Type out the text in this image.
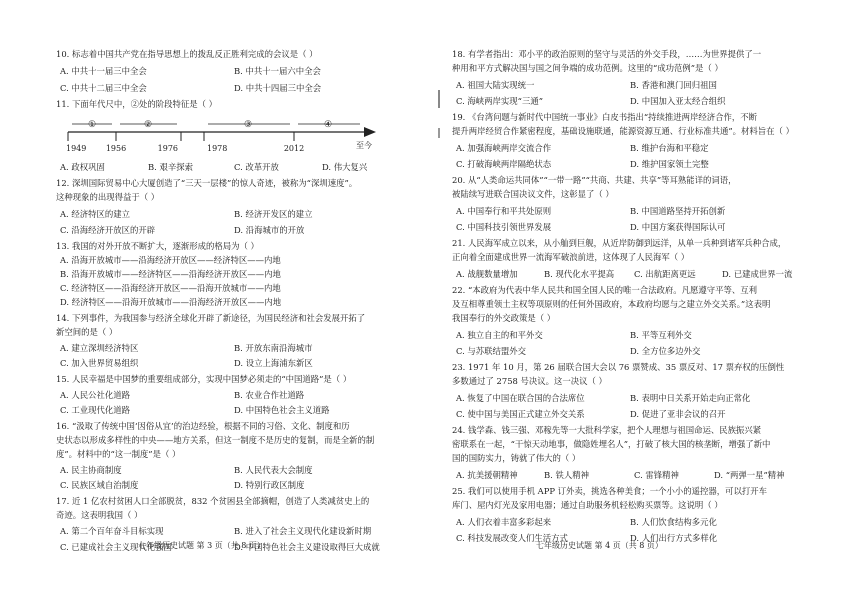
10. 标志着中国共产党在指导思想上的拨乱反正胜利完成的会议是（ ）
A. 中共十一届三中全会	B. 中共十一届六中全会
C. 中共十二届三中全会	D. 中共十四届三中全会
11. 下面年代尺中，②处的阶段特征是（ ）
①	②	③	④
1949 1956	1976	1978	2012	至今
A. 政权巩固	B. 艰辛探索	C. 改革开放	D. 伟大复兴
12. 深圳国际贸易中心大厦创造了“三天一层楼”的惊人奇迹，被称为“深圳速度”。
这种现象的出现得益于（ ）
A. 经济特区的建立	B. 经济开发区的建立
C. 沿海经济开放区的开辟	D. 沿海城市的开放
13. 我国的对外开放不断扩大，逐渐形成的格局为（ ）
A. 沿海开放城市——沿海经济开放区——经济特区——内地
B. 沿海开放城市——经济特区——沿海经济开放区——内地
C. 经济特区——沿海经济开放区——沿海开放城市——内地
D. 经济特区——沿海开放城市——沿海经济开放区——内地
14. 下列事件，为我国参与经济全球化开辟了新途径，为国民经济和社会发展开拓了
新空间的是（ ）
A. 建立深圳经济特区	B. 开放东南沿海城市
C. 加入世界贸易组织	D. 设立上海浦东新区
15. 人民幸福是中国梦的重要组成部分，实现中国梦必须走的“中国道路”是（ ）
A. 人民公社化道路	B. 农业合作社道路
C. 工业现代化道路	D. 中国特色社会主义道路
16. “汲取了传统中国‘因俗从宜’的治边经验，根据不同的习俗、文化、制度和历
史状态以形成多样性的中央——地方关系，但这一制度不是历史的复制，而是全新的制
度”。材料中的“这一制度”是（ ）
A. 民主协商制度	B. 人民代表大会制度
C. 民族区域自治制度	D. 特别行政区制度
17. 近 1 亿农村贫困人口全部脱贫，832 个贫困县全部摘帽，创造了人类减贫史上的
奇迹。这表明我国（ ）
A. 第二个百年奋斗目标实现	B. 进入了社会主义现代化建设新时期
C. 已建成社会主义现代化强国	D. 中国特色社会主义建设取得巨大成就
七年级历史试题 第 3 页（共 8 页）
18. 有学者指出：邓小平的政治原则的坚守与灵活的外交手段，……为世界提供了一
种用和平方式解决国与国之间争端的成功范例。这里的“成功范例”是（ ）
A. 祖国大陆实现统一	B. 香港和澳门回归祖国
C. 海峡两岸实现“三通”	D. 中国加入亚太经合组织
19. 《台湾问题与新时代中国统一事业》白皮书指出“持续推进两岸经济合作，不断
提升两岸经贸合作紧密程度，基础设施联通，能源资源互通、行业标准共通”。材料旨在（ ）
A. 加强海峡两岸交流合作	B. 维护台海和平稳定
C. 打破海峡两岸隔绝状态	D. 维护国家领土完整
20. 从“人类命运共同体”“一带一路”“共商、共建、共享”等耳熟能详的词语，
被陆续写进联合国决议文件，这彰显了（ ）
A. 中国奉行和平共处原则	B. 中国道路坚持开拓创新
C. 中国科技引领世界发展	D. 中国方案获得国际认可
21. 人民海军成立以来，从小舢到巨舰，从近岸防御到远洋，从单一兵种到诸军兵种合成，
正向着全面建成世界一流海军破浪前进，这体现了人民海军（ ）
A. 战舰数量增加	B. 现代化水平提高 C. 出航距离更远	D. 已建成世界一流
22. “本政府为代表中华人民共和国全国人民的唯一合法政府。凡愿遵守平等、互利
及互相尊重领土主权等项原则的任何外国政府，本政府均愿与之建立外交关系。”这表明
我国奉行的外交政策是（ ）
A. 独立自主的和平外交	B. 平等互利外交
C. 与苏联结盟外交	D. 全方位多边外交
23. 1971 年 10 月，第 26 届联合国大会以 76 票赞成、35 票反对、17 票弃权的压倒性
多数通过了 2758 号决议。这一决议（ ）
A. 恢复了中国在联合国的合法席位	B. 表明中日关系开始走向正常化
C. 使中国与美国正式建立外交关系	D. 促进了亚非会议的召开
24. 钱学森、钱三强、邓稼先等一大批科学家，把个人理想与祖国命运、民族振兴紧
密联系在一起，“干惊天动地事，做隐姓埋名人”，打破了核大国的核垄断，增强了新中
国的国防实力，铸就了伟大的（ ）
A. 抗美援朝精神	B. 铁人精神	C. 雷锋精神	D. “两弹一星”精神
25. 我们可以使用手机 APP 订外卖，挑选各种美食；一个小小的遥控器，可以打开车
库门、屋内灯光及家用电器；通过自助服务机轻松购买票等。这说明（ ）
A. 人们衣着丰富多彩起来	B. 人们饮食结构多元化
C. 科技发展改变人们生活方式	D. 人们出行方式多样化
七年级历史试题 第 4 页（共 8 页）
